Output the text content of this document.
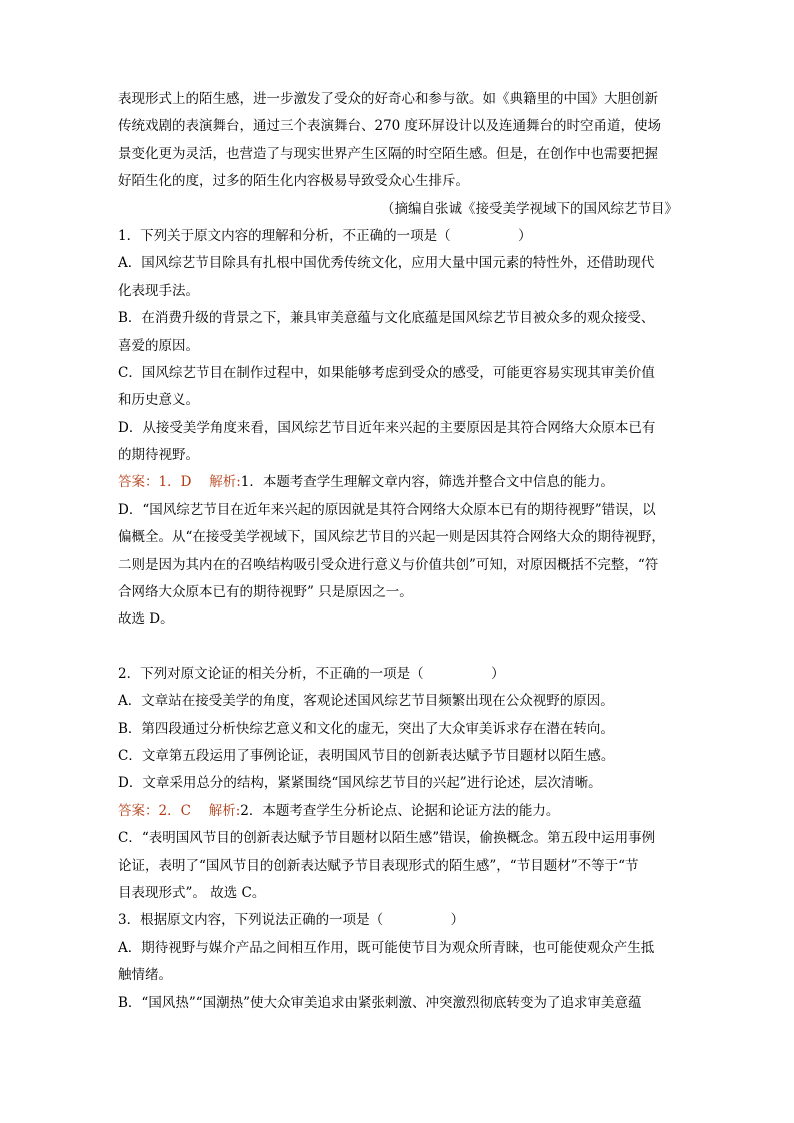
表现形式上的陌生感，进一步激发了受众的好奇心和参与欲。如《典籍里的中国》大胆创新
传统戏剧的表演舞台，通过三个表演舞台、270 度环屏设计以及连通舞台的时空甬道，使场
景变化更为灵活，也营造了与现实世界产生区隔的时空陌生感。但是，在创作中也需要把握
好陌生化的度，过多的陌生化内容极易导致受众心生排斥。
（摘编自张诚《接受美学视域下的国风综艺节目》
1．下列关于原文内容的理解和分析，不正确的一项是（　　　　　）
A．国风综艺节目除具有扎根中国优秀传统文化，应用大量中国元素的特性外，还借助现代
化表现手法。
B．在消费升级的背景之下，兼具审美意蕴与文化底蕴是国风综艺节目被众多的观众接受、
喜爱的原因。
C．国风综艺节目在制作过程中，如果能够考虑到受众的感受，可能更容易实现其审美价值
和历史意义。
D．从接受美学角度来看，国风综艺节目近年来兴起的主要原因是其符合网络大众原本已有
的期待视野。
答案：1．D　 解析:1．本题考查学生理解文章内容，筛选并整合文中信息的能力。
D．“国风综艺节目在近年来兴起的原因就是其符合网络大众原本已有的期待视野”错误，以
偏概全。从“在接受美学视域下，国风综艺节目的兴起一则是因其符合网络大众的期待视野，
二则是因为其内在的召唤结构吸引受众进行意义与价值共创”可知，对原因概括不完整，“符
合网络大众原本已有的期待视野” 只是原因之一。
故选 D。
2．下列对原文论证的相关分析，不正确的一项是（　　　　　）
A．文章站在接受美学的角度，客观论述国风综艺节目频繁出现在公众视野的原因。
B．第四段通过分析快综艺意义和文化的虚无，突出了大众审美诉求存在潜在转向。
C．文章第五段运用了事例论证，表明国风节目的创新表达赋予节目题材以陌生感。
D．文章采用总分的结构，紧紧围绕“国风综艺节目的兴起”进行论述，层次清晰。
答案：2．C　 解析:2．本题考查学生分析论点、论据和论证方法的能力。
C．“表明国风节目的创新表达赋予节目题材以陌生感”错误，偷换概念。第五段中运用事例
论证，表明了“国风节目的创新表达赋予节目表现形式的陌生感”，“节目题材”不等于“节
目表现形式”。 故选 C。
3．根据原文内容，下列说法正确的一项是（　　　　　）
A．期待视野与媒介产品之间相互作用，既可能使节目为观众所青睐，也可能使观众产生抵
触情绪。
B．“国风热”“国潮热”使大众审美追求由紧张刺激、冲突激烈彻底转变为了追求审美意蕴
